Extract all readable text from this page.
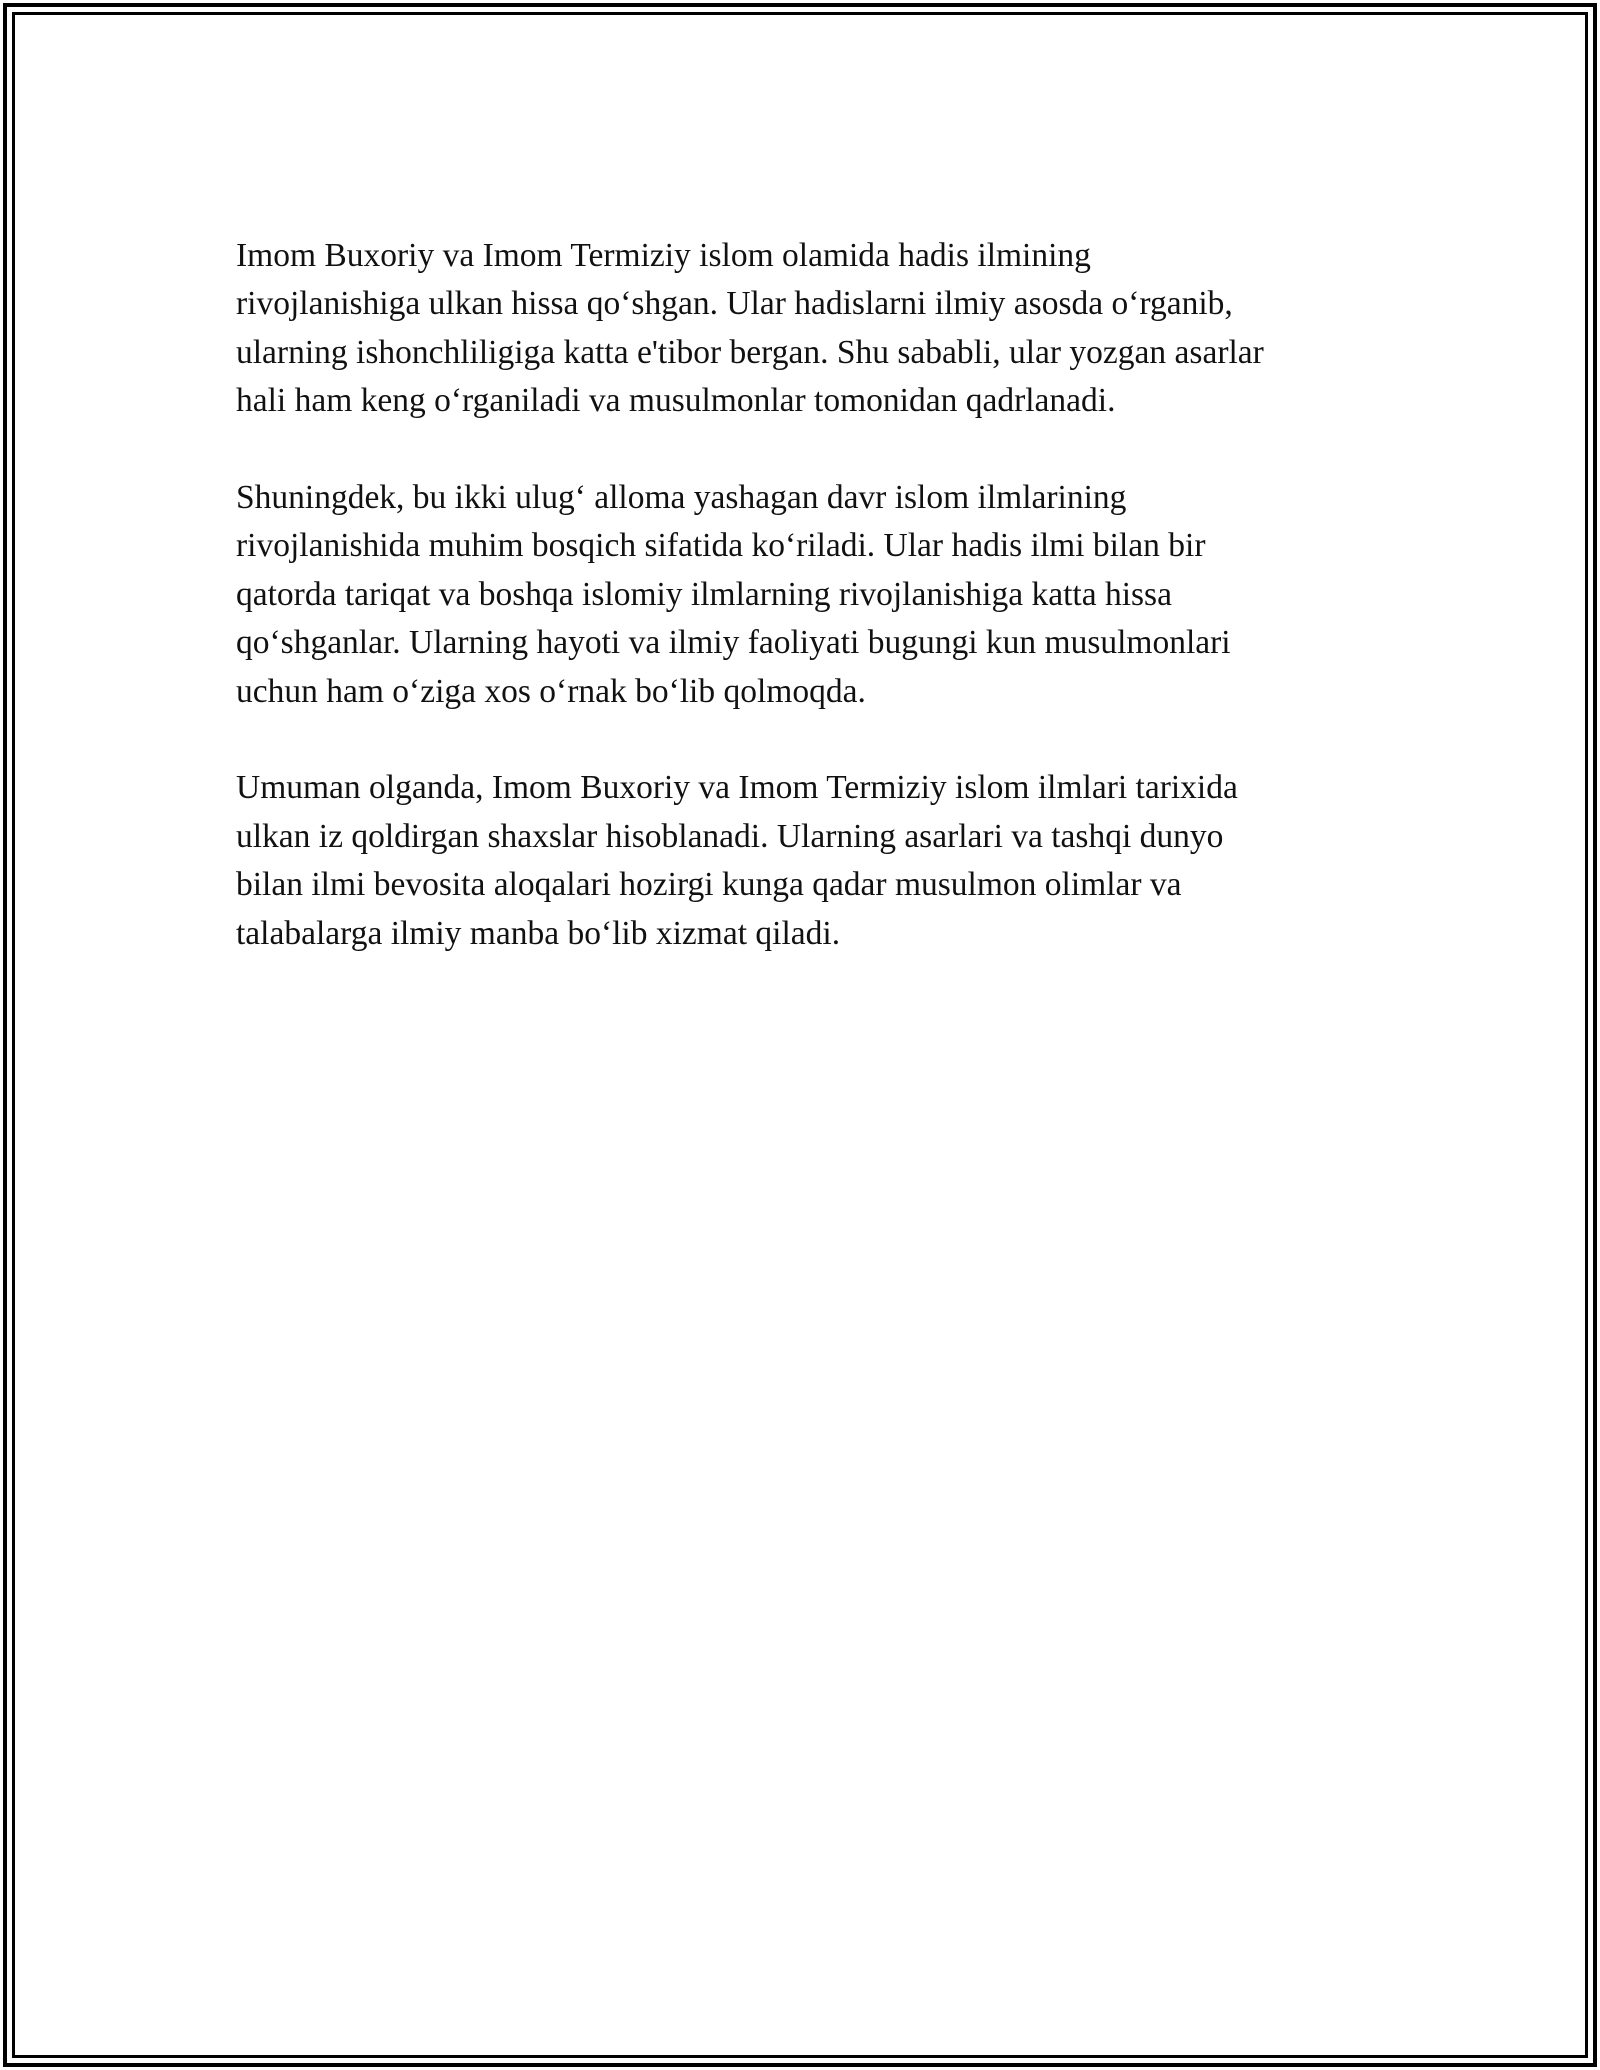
Imom Buxoriy va Imom Termiziy islom olamida hadis ilmining
rivojlanishiga ulkan hissa qo‘shgan. Ular hadislarni ilmiy asosda o‘rganib,
ularning ishonchliligiga katta e'tibor bergan. Shu sababli, ular yozgan asarlar
hali ham keng o‘rganiladi va musulmonlar tomonidan qadrlanadi.

Shuningdek, bu ikki ulug‘ alloma yashagan davr islom ilmlarining
rivojlanishida muhim bosqich sifatida ko‘riladi. Ular hadis ilmi bilan bir
qatorda tariqat va boshqa islomiy ilmlarning rivojlanishiga katta hissa
qo‘shganlar. Ularning hayoti va ilmiy faoliyati bugungi kun musulmonlari
uchun ham o‘ziga xos o‘rnak bo‘lib qolmoqda.

Umuman olganda, Imom Buxoriy va Imom Termiziy islom ilmlari tarixida
ulkan iz qoldirgan shaxslar hisoblanadi. Ularning asarlari va tashqi dunyo
bilan ilmi bevosita aloqalari hozirgi kunga qadar musulmon olimlar va
talabalarga ilmiy manba bo‘lib xizmat qiladi.
